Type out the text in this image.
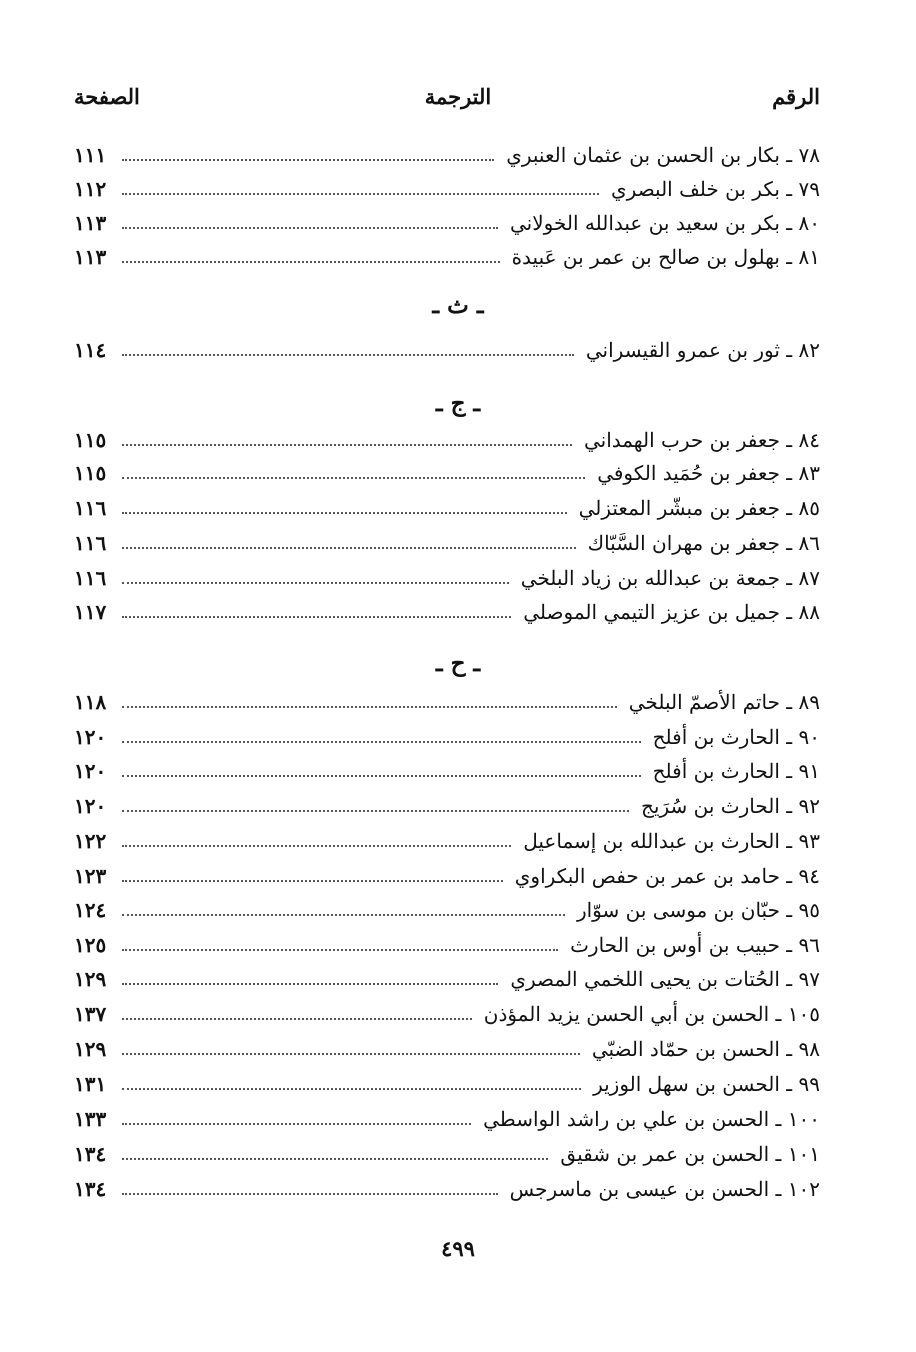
الرقم
الترجمة
الصفحة
٧٨ ـ بكار بن الحسن بن عثمان العنبري
١١١
٧٩ ـ بكر بن خلف البصري
١١٢
٨٠ ـ بكر بن سعيد بن عبدالله الخولاني
١١٣
٨١ ـ بهلول بن صالح بن عمر بن عَبيدة
١١٣
ـ ث ـ
٨٢ ـ ثور بن عمرو القيسراني
١١٤
ـ ج ـ
٨٤ ـ جعفر بن حرب الهمداني
١١٥
٨٣ ـ جعفر بن حُمَيد الكوفي
١١٥
٨٥ ـ جعفر بن مبشّر المعتزلي
١١٦
٨٦ ـ جعفر بن مهران السَّبّاك
١١٦
٨٧ ـ جمعة بن عبدالله بن زياد البلخي
١١٦
٨٨ ـ جميل بن عزيز التيمي الموصلي
١١٧
ـ ح ـ
٨٩ ـ حاتم الأصمّ البلخي
١١٨
٩٠ ـ الحارث بن أفلح
١٢٠
٩١ ـ الحارث بن أفلح
١٢٠
٩٢ ـ الحارث بن سُرَيج
١٢٠
٩٣ ـ الحارث بن عبدالله بن إسماعيل
١٢٢
٩٤ ـ حامد بن عمر بن حفص البكراوي
١٢٣
٩٥ ـ حبّان بن موسى بن سوّار
١٢٤
٩٦ ـ حبيب بن أوس بن الحارث
١٢٥
٩٧ ـ الحُتات بن يحيى اللخمي المصري
١٢٩
١٠٥ ـ الحسن بن أبي الحسن يزيد المؤذن
١٣٧
٩٨ ـ الحسن بن حمّاد الضبّي
١٢٩
٩٩ ـ الحسن بن سهل الوزير
١٣١
١٠٠ ـ الحسن بن علي بن راشد الواسطي
١٣٣
١٠١ ـ الحسن بن عمر بن شقيق
١٣٤
١٠٢ ـ الحسن بن عيسى بن ماسرجس
١٣٤
٤٩٩
